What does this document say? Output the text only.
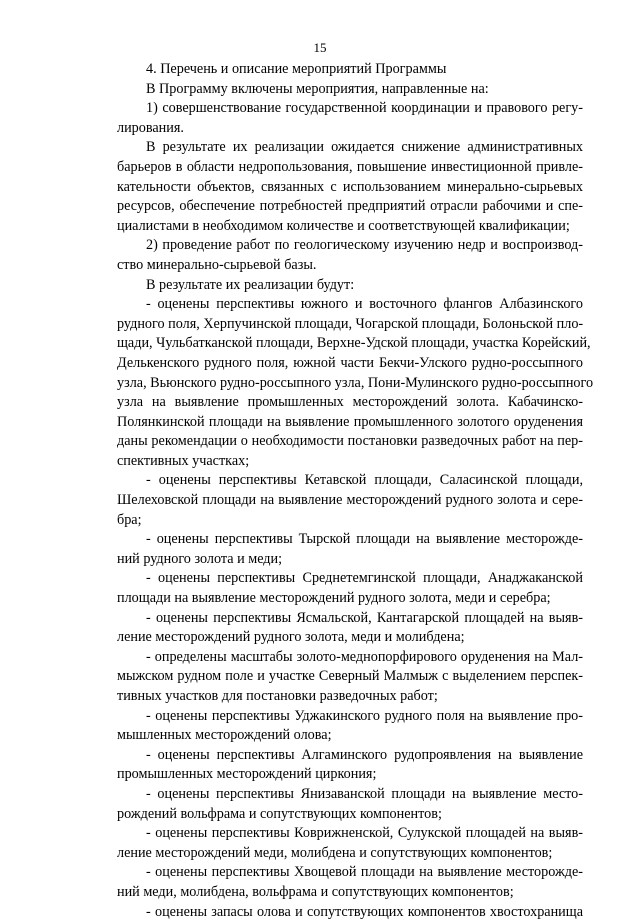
15
4. Перечень и описание мероприятий Программы
В Программу включены мероприятия, направленные на:
1) совершенствование государственной координации и правового регу-
лирования.
В результате их реализации ожидается снижение административных
барьеров в области недропользования, повышение инвестиционной привле-
кательности объектов, связанных с использованием минерально-сырьевых
ресурсов, обеспечение потребностей предприятий отрасли рабочими и спе-
циалистами в необходимом количестве и соответствующей квалификации;
2) проведение работ по геологическому изучению недр и воспроизвод-
ство минерально-сырьевой базы.
В результате их реализации будут:
- оценены перспективы южного и восточного флангов Албазинского
рудного поля, Херпучинской площади, Чогарской площади, Болоньской пло-
щади, Чульбатканской площади, Верхне-Удской площади, участка Корейский,
Делькенского рудного поля, южной части Бекчи-Улского рудно-россыпного
узла, Вьюнского рудно-россыпного узла, Пони-Мулинского рудно-россыпного
узла на выявление промышленных месторождений золота. Кабачинско-
Полянкинской площади на выявление промышленного золотого оруденения
даны рекомендации о необходимости постановки разведочных работ на пер-
спективных участках;
- оценены перспективы Кетавской площади, Саласинской площади,
Шелеховской площади на выявление месторождений рудного золота и сере-
бра;
- оценены перспективы Тырской площади на выявление месторожде-
ний рудного золота и меди;
- оценены перспективы Среднетемгинской площади, Анаджаканской
площади на выявление месторождений рудного золота, меди и серебра;
- оценены перспективы Ясмальской, Кантагарской площадей на выяв-
ление месторождений рудного золота, меди и молибдена;
- определены масштабы золото-меднопорфирового оруденения на Мал-
мыжском рудном поле и участке Северный Малмыж с выделением перспек-
тивных участков для постановки разведочных работ;
- оценены перспективы Уджакинского рудного поля на выявление про-
мышленных месторождений олова;
- оценены перспективы Алгаминского рудопроявления на выявление
промышленных месторождений циркония;
- оценены перспективы Янизаванской площади на выявление место-
рождений вольфрама и сопутствующих компонентов;
- оценены перспективы Коврижненской, Сулукской площадей на выяв-
ление месторождений меди, молибдена и сопутствующих компонентов;
- оценены перспективы Хвощевой площади на выявление месторожде-
ний меди, молибдена, вольфрама и сопутствующих компонентов;
- оценены запасы олова и сопутствующих компонентов хвостохранища
